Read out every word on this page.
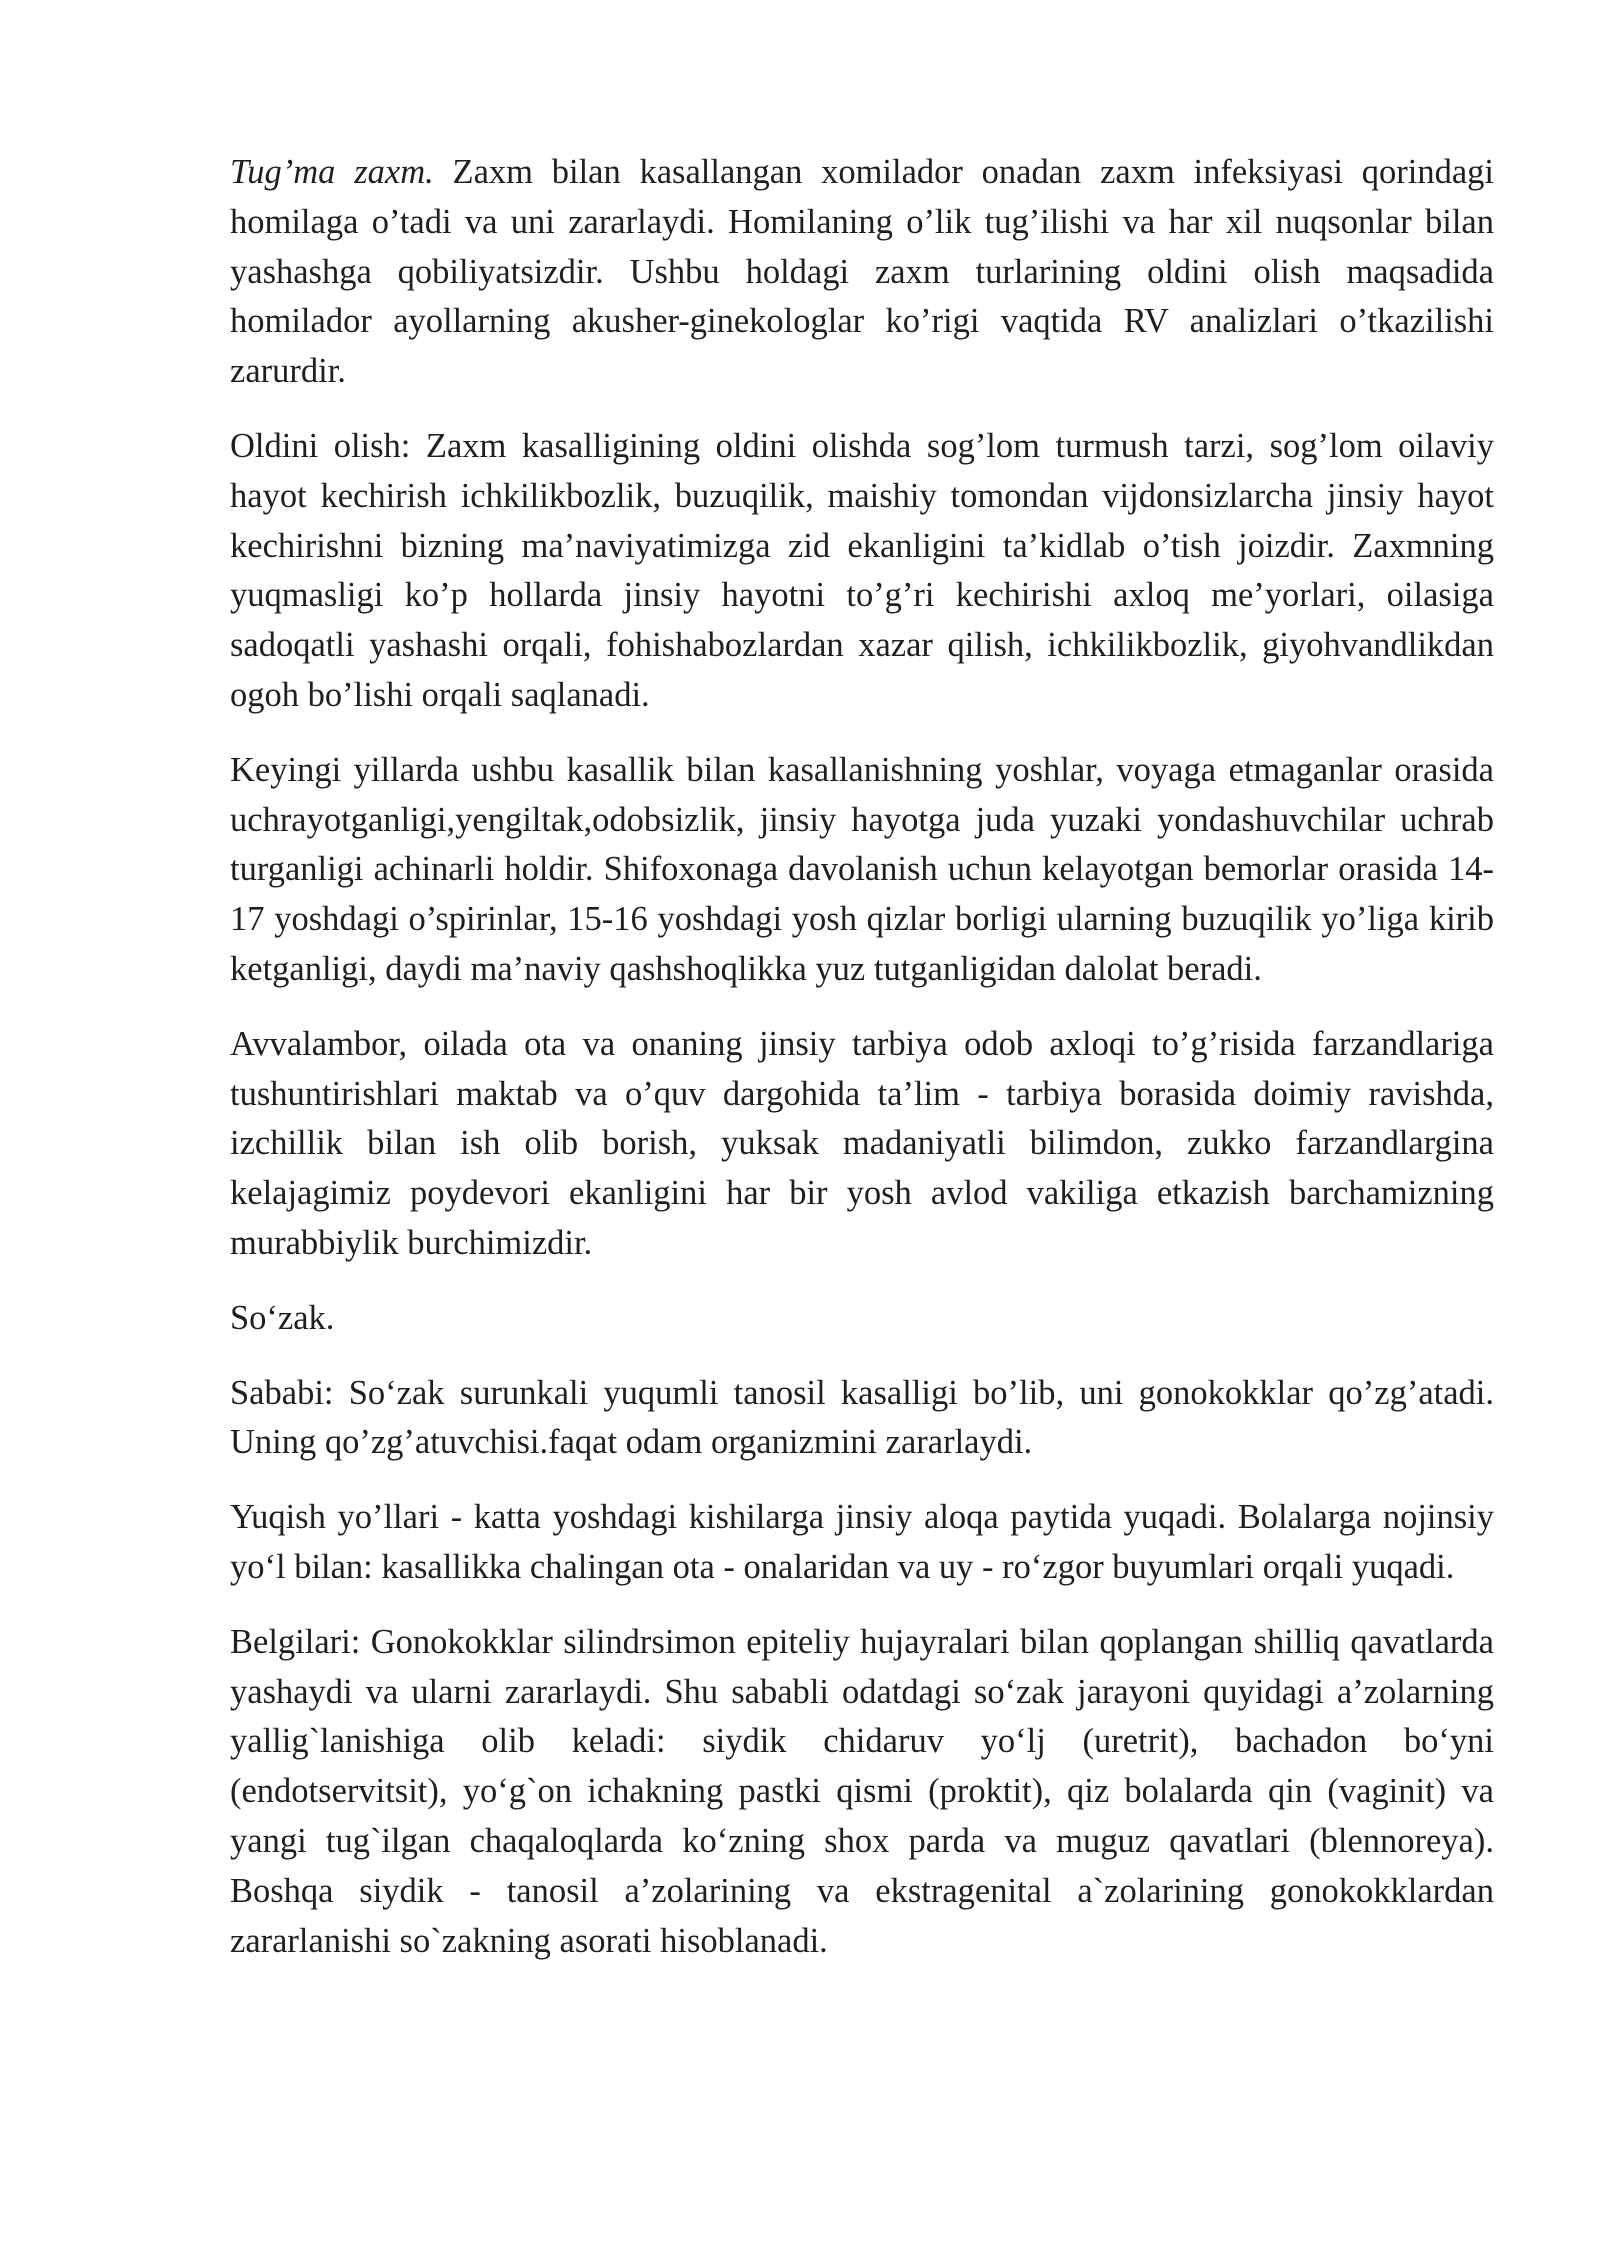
Tug’ma zaxm. Zaxm bilan kasallangan xomilador onadan zaxm infeksiyasi qorindagi homilaga o’tadi va uni zararlaydi. Homilaning o’lik tug’ilishi va har xil nuqsonlar bilan yashashga qobiliyatsizdir. Ushbu holdagi zaxm turlarining oldini olish maqsadida homilador ayollarning akusher-ginekologlar ko’rigi vaqtida RV analizlari o’tkazilishi zarurdir.

Oldini olish: Zaxm kasalligining oldini olishda sog’lom turmush tarzi, sog’lom oilaviy hayot kechirish ichkilikbozlik, buzuqilik, maishiy tomondan vijdonsizlarcha jinsiy hayot kechirishni bizning ma’naviyatimizga zid ekanligini ta’kidlab o’tish joizdir. Zaxmning yuqmasligi ko’p hollarda jinsiy hayotni to’g’ri kechirishi axloq me’yorlari, oilasiga sadoqatli yashashi orqali, fohishabozlardan xazar qilish, ichkilikbozlik, giyohvandlikdan ogoh bo’lishi orqali saqlanadi.

Keyingi yillarda ushbu kasallik bilan kasallanishning yoshlar, voyaga etmaganlar orasida uchrayotganligi,yengiltak,odobsizlik, jinsiy hayotga juda yuzaki yondashuvchilar uchrab turganligi achinarli holdir. Shifoxonaga davolanish uchun kelayotgan bemorlar orasida 14-17 yoshdagi o’spirinlar, 15-16 yoshdagi yosh qizlar borligi ularning buzuqilik yo’liga kirib ketganligi, daydi ma’naviy qashshoqlikka yuz tutganligidan dalolat beradi.

Avvalambor, oilada ota va onaning jinsiy tarbiya odob axloqi to’g’risida farzandlariga tushuntirishlari maktab va o’quv dargohida ta’lim - tarbiya borasida doimiy ravishda, izchillik bilan ish olib borish, yuksak madaniyatli bilimdon, zukko farzandlargina kelajagimiz poydevori ekanligini har bir yosh avlod vakiliga etkazish barchamizning murabbiylik burchimizdir.

So‘zak.

Sababi: So‘zak surunkali yuqumli tanosil kasalligi bo’lib, uni gonokokklar qo’zg’atadi. Uning qo’zg’atuvchisi.faqat odam organizmini zararlaydi.

Yuqish yo’llari - katta yoshdagi kishilarga jinsiy aloqa paytida yuqadi. Bolalarga nojinsiy yo‘l bilan: kasallikka chalingan ota - onalaridan va uy - ro‘zgor buyumlari orqali yuqadi.

Belgilari: Gonokokklar silindrsimon epiteliy hujayralari bilan qoplangan shilliq qavatlarda yashaydi va ularni zararlaydi. Shu sababli odatdagi so‘zak jarayoni quyidagi a’zolarning yallig`lanishiga olib keladi: siydik chidaruv yo‘lj (uretrit), bachadon bo‘yni (endotservitsit), yo‘g`on ichakning pastki qismi (proktit), qiz bolalarda qin (vaginit) va yangi tug`ilgan chaqaloqlarda ko‘zning shox parda va muguz qavatlari (blennoreya). Boshqa siydik - tanosil a’zolarining va ekstragenital a`zolarining gonokokklardan zararlanishi so`zakning asorati hisoblanadi.
